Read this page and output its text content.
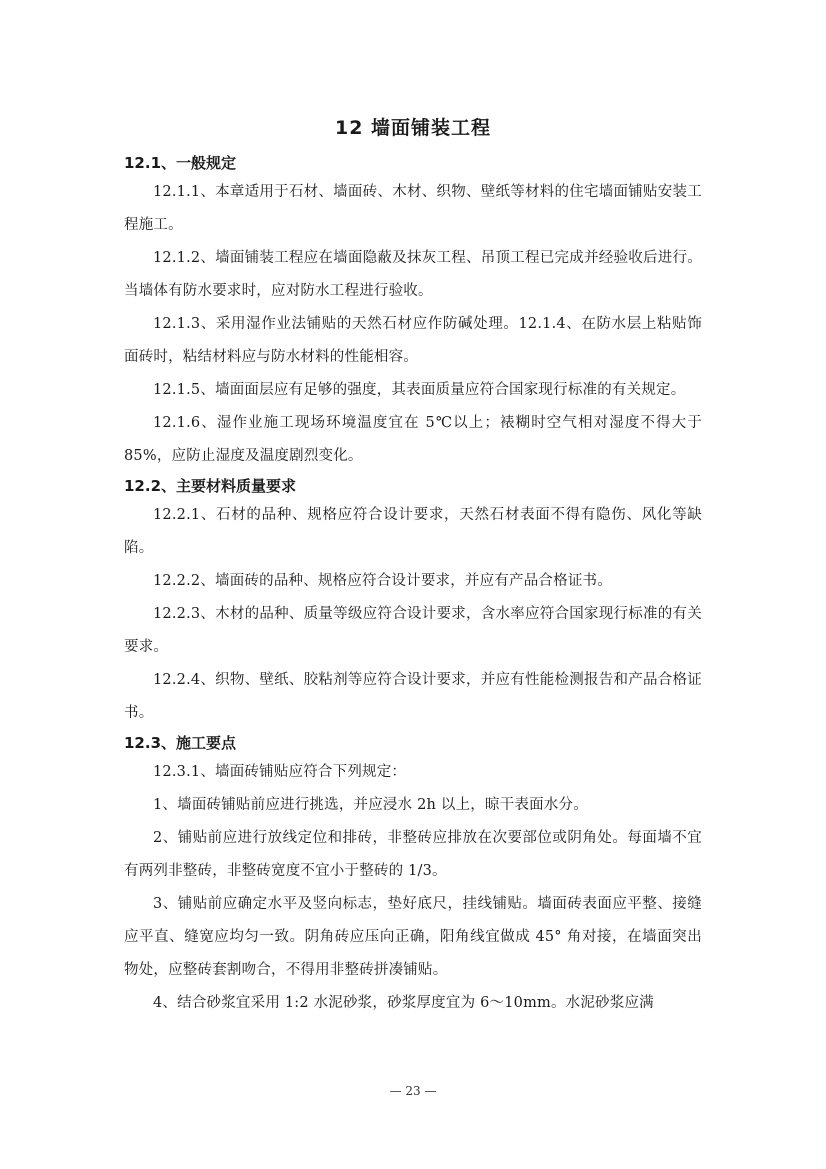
12 墙面铺装工程

12.1、一般规定

12.1.1、本章适用于石材、墙面砖、木材、织物、壁纸等材料的住宅墙面铺贴安装工程施工。

12.1.2、墙面铺装工程应在墙面隐蔽及抹灰工程、吊顶工程已完成并经验收后进行。当墙体有防水要求时，应对防水工程进行验收。

12.1.3、采用湿作业法铺贴的天然石材应作防碱处理。12.1.4、在防水层上粘贴饰面砖时，粘结材料应与防水材料的性能相容。

12.1.5、墙面面层应有足够的强度，其表面质量应符合国家现行标准的有关规定。

12.1.6、湿作业施工现场环境温度宜在 5℃以上；裱糊时空气相对湿度不得大于 85%，应防止湿度及温度剧烈变化。

12.2、主要材料质量要求

12.2.1、石材的品种、规格应符合设计要求，天然石材表面不得有隐伤、风化等缺陷。

12.2.2、墙面砖的品种、规格应符合设计要求，并应有产品合格证书。

12.2.3、木材的品种、质量等级应符合设计要求，含水率应符合国家现行标准的有关要求。

12.2.4、织物、壁纸、胶粘剂等应符合设计要求，并应有性能检测报告和产品合格证书。

12.3、施工要点

12.3.1、墙面砖铺贴应符合下列规定：

1、墙面砖铺贴前应进行挑选，并应浸水 2h 以上，晾干表面水分。

2、铺贴前应进行放线定位和排砖，非整砖应排放在次要部位或阴角处。每面墙不宜有两列非整砖，非整砖宽度不宜小于整砖的 1/3。

3、铺贴前应确定水平及竖向标志，垫好底尺，挂线铺贴。墙面砖表面应平整、接缝应平直、缝宽应均匀一致。阴角砖应压向正确，阳角线宜做成 45° 角对接，在墙面突出物处，应整砖套割吻合，不得用非整砖拼凑铺贴。

4、结合砂浆宜采用 1:2 水泥砂浆，砂浆厚度宜为 6～10mm。水泥砂浆应满

— 23 —
